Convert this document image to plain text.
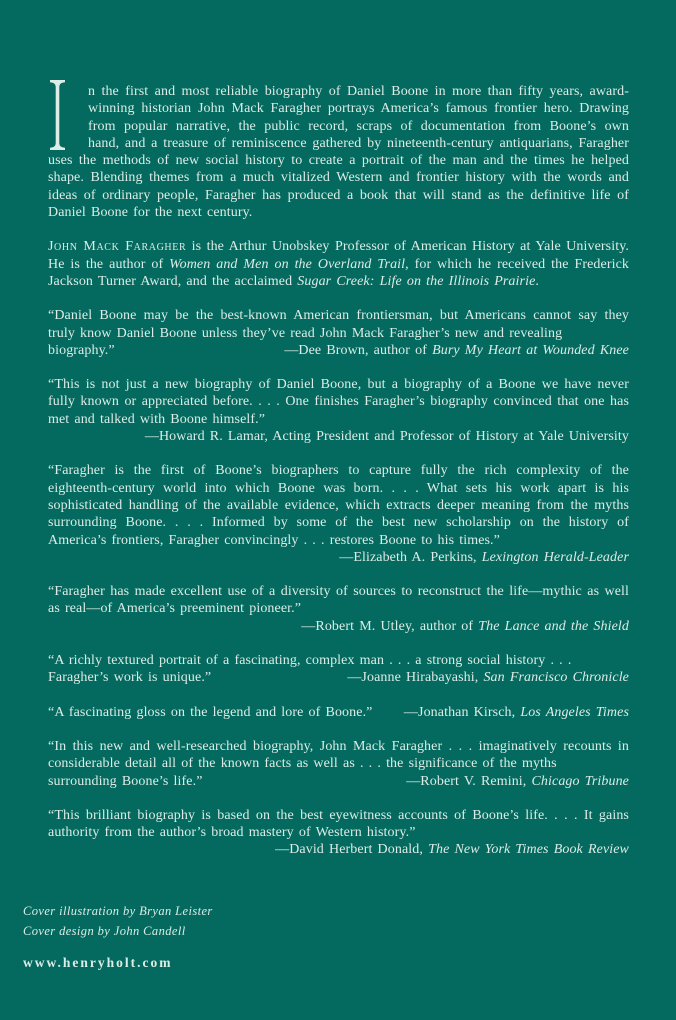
n the first and most reliable biography of Daniel Boone in more than fifty years, award-winning historian John Mack Faragher portrays America’s famous frontier hero. Drawing from popular narrative, the public record, scraps of documentation from Boone’s own hand, and a treasure of reminiscence gathered by nineteenth-century antiquarians, Faragher uses the methods of new social history to create a portrait of the man and the times he helped shape. Blending themes from a much vitalized Western and frontier history with the words and ideas of ordinary people, Faragher has produced a book that will stand as the definitive life of Daniel Boone for the next century.

John Mack Faragher is the Arthur Unobskey Professor of American History at Yale University. He is the author of Women and Men on the Overland Trail, for which he received the Frederick Jackson Turner Award, and the acclaimed Sugar Creek: Life on the Illinois Prairie.

“Daniel Boone may be the best-known American frontiersman, but Americans cannot say they truly know Daniel Boone unless they’ve read John Mack Faragher’s new and revealing

biography.”	—Dee Brown, author of Bury My Heart at Wounded Knee

“This is not just a new biography of Daniel Boone, but a biography of a Boone we have never fully known or appreciated before. . . . One finishes Faragher’s biography convinced that one has met and talked with Boone himself.”

—Howard R. Lamar, Acting President and Professor of History at Yale University

“Faragher is the first of Boone’s biographers to capture fully the rich complexity of the eighteenth-century world into which Boone was born. . . . What sets his work apart is his sophisticated handling of the available evidence, which extracts deeper meaning from the myths surrounding Boone. . . . Informed by some of the best new scholarship on the history of America’s frontiers, Faragher convincingly . . . restores Boone to his times.”

—Elizabeth A. Perkins, Lexington Herald-Leader

“Faragher has made excellent use of a diversity of sources to reconstruct the life—mythic as well as real—of America’s preeminent pioneer.”

—Robert M. Utley, author of The Lance and the Shield

“A richly textured portrait of a fascinating, complex man . . . a strong social history . . .

Faragher’s work is unique.”	—Joanne Hirabayashi, San Francisco Chronicle
“A fascinating gloss on the legend and lore of Boone.” —Jonathan Kirsch, Los Angeles Times

“In this new and well-researched biography, John Mack Faragher . . . imaginatively recounts in considerable detail all of the known facts as well as . . . the significance of the myths

surrounding Boone’s life.”	—Robert V. Remini, Chicago Tribune

“This brilliant biography is based on the best eyewitness accounts of Boone’s life. . . . It gains authority from the author’s broad mastery of Western history.”

—David Herbert Donald, The New York Times Book Review

Cover illustration by Bryan Leister

Cover design by John Candell

www.henryholt.com
